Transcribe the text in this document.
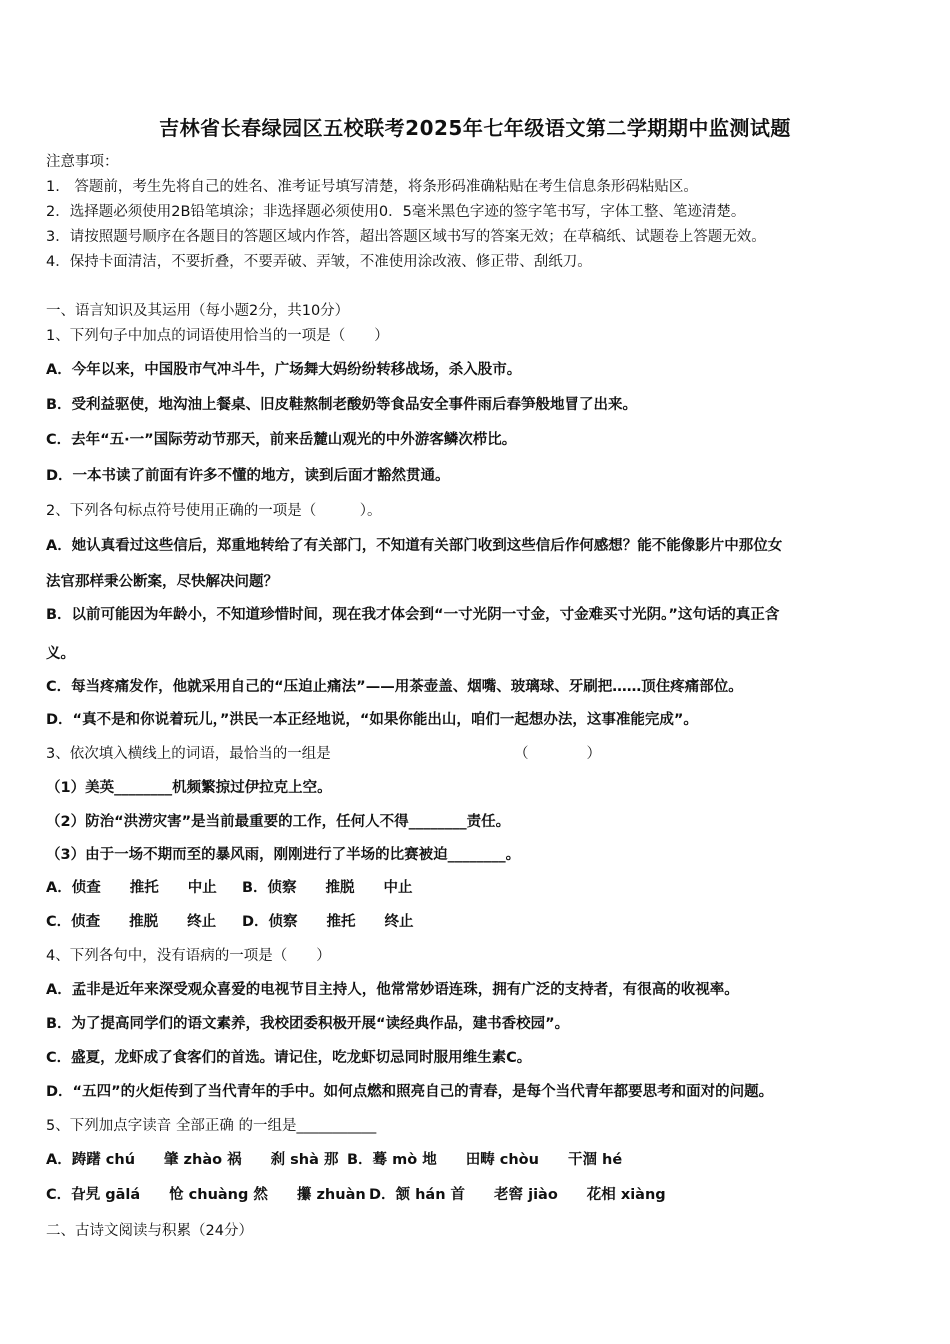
吉林省长春绿园区五校联考2025年七年级语文第二学期期中监测试题
注意事项：
1.　答题前，考生先将自己的姓名、准考证号填写清楚，将条形码准确粘贴在考生信息条形码粘贴区。
2．选择题必须使用2B铅笔填涂；非选择题必须使用0．5毫米黑色字迹的签字笔书写，字体工整、笔迹清楚。
3．请按照题号顺序在各题目的答题区域内作答，超出答题区域书写的答案无效；在草稿纸、试题卷上答题无效。
4．保持卡面清洁，不要折叠，不要弄破、弄皱，不准使用涂改液、修正带、刮纸刀。
一、语言知识及其运用（每小题2分，共10分）
1、下列句子中加点的词语使用恰当的一项是（　　）
A．今年以来，中国股市气冲斗牛，广场舞大妈纷纷转移战场，杀入股市。
B．受利益驱使，地沟油上餐桌、旧皮鞋熬制老酸奶等食品安全事件雨后春笋般地冒了出来。
C．去年“五·一”国际劳动节那天，前来岳麓山观光的中外游客鳞次栉比。
D．一本书读了前面有许多不懂的地方，读到后面才豁然贯通。
2、下列各句标点符号使用正确的一项是（　　　）。
A．她认真看过这些信后，郑重地转给了有关部门，不知道有关部门收到这些信后作何感想？能不能像影片中那位女
法官那样秉公断案，尽快解决问题？
B．以前可能因为年龄小，不知道珍惜时间，现在我才体会到“一寸光阴一寸金，寸金难买寸光阴。”这句话的真正含
义。
C．每当疼痛发作，他就采用自己的“压迫止痛法”——用茶壶盖、烟嘴、玻璃球、牙刷把……顶住疼痛部位。
D．“真不是和你说着玩儿，”洪民一本正经地说，“如果你能出山，咱们一起想办法，这事准能完成”。
3、依次填入横线上的词语，最恰当的一组是	（　　　　）
（1）美英________机频繁掠过伊拉克上空。
（2）防治“洪涝灾害”是当前最重要的工作，任何人不得________责任。
（3）由于一场不期而至的暴风雨，刚刚进行了半场的比赛被迫________。
A．侦查　　推托　　中止 B．侦察　　推脱　　中止
C．侦查　　推脱　　终止 D．侦察　　推托　　终止
4、下列各句中，没有语病的一项是（　　）
A．孟非是近年来深受观众喜爱的电视节目主持人，他常常妙语连珠，拥有广泛的支持者，有很高的收视率。
B．为了提高同学们的语文素养，我校团委积极开展“读经典作品，建书香校园”。
C．盛夏，龙虾成了食客们的首选。请记住，吃龙虾切忌同时服用维生素C。
D．“五四”的火炬传到了当代青年的手中。如何点燃和照亮自己的青春，是每个当代青年都要思考和面对的问题。
5、下列加点字读音 全部正确 的一组是___________
A．踌躇 chú　　肇 zhào 祸　　刹 shà 那 B．蓦 mò 地　　田畴 chòu　　干涸 hé
C．旮旯 gālá　　怆 chuàng 然　　攥 zhuàn D．颔 hán 首　　老窖 jiào　　花相 xiàng
二、古诗文阅读与积累（24分）
